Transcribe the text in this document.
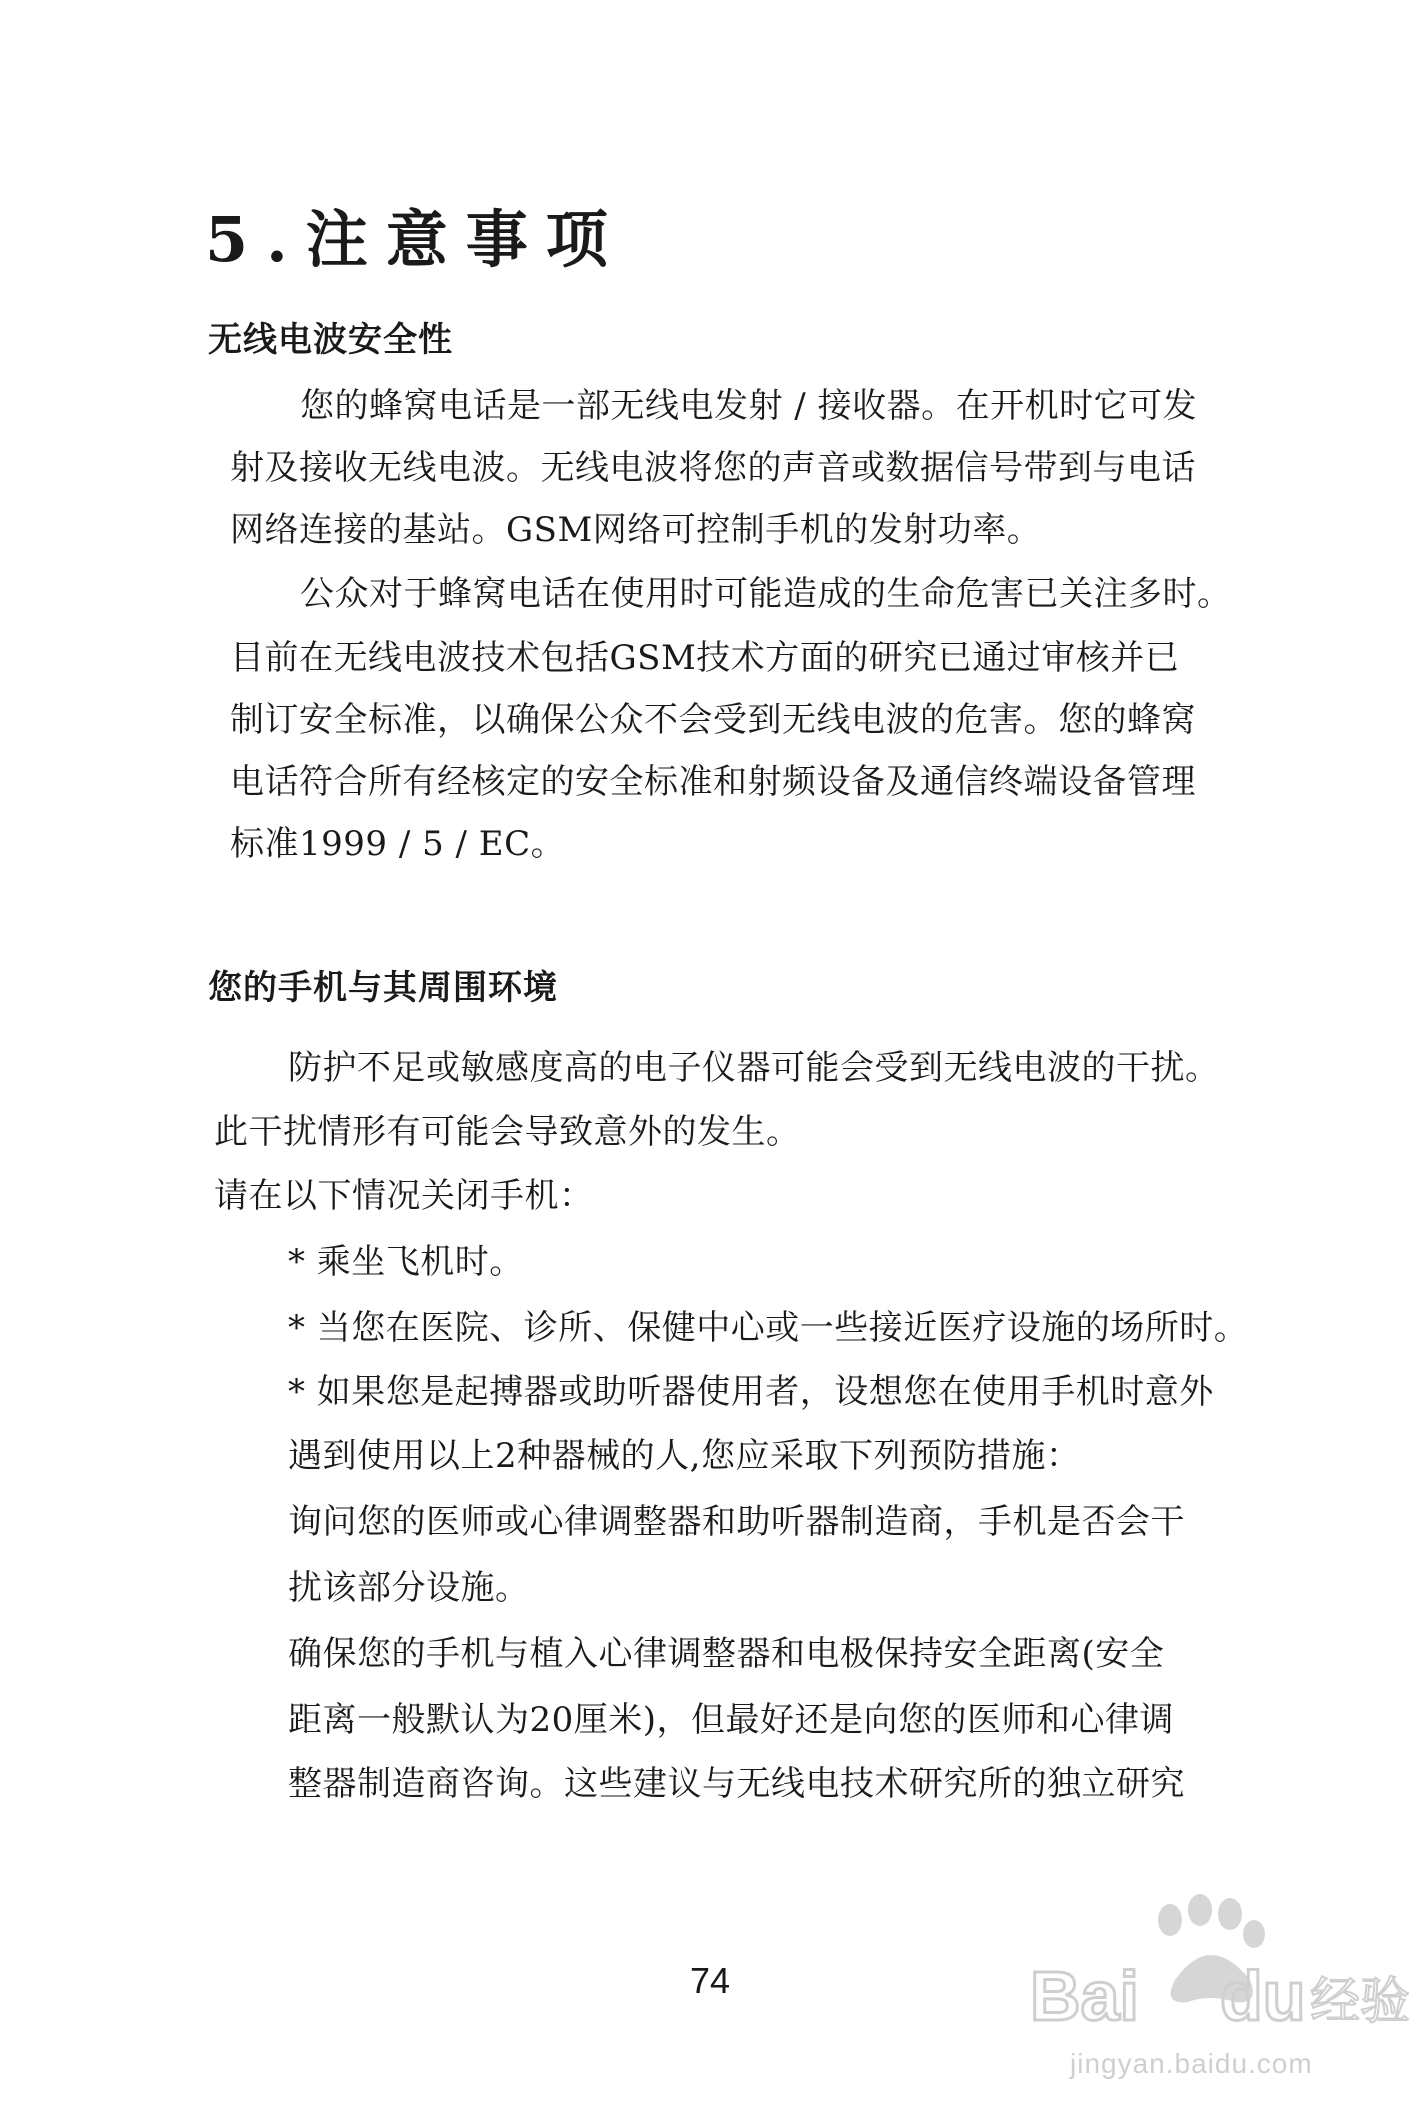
5.注意事项
无线电波安全性
您的蜂窝电话是一部无线电发射 / 接收器。在开机时它可发
射及接收无线电波。无线电波将您的声音或数据信号带到与电话
网络连接的基站。GSM网络可控制手机的发射功率。
公众对于蜂窝电话在使用时可能造成的生命危害已关注多时。
目前在无线电波技术包括GSM技术方面的研究已通过审核并已
制订安全标准，以确保公众不会受到无线电波的危害。您的蜂窝
电话符合所有经核定的安全标准和射频设备及通信终端设备管理
标准1999 / 5 / EC。
您的手机与其周围环境
防护不足或敏感度高的电子仪器可能会受到无线电波的干扰。
此干扰情形有可能会导致意外的发生。
请在以下情况关闭手机：
* 乘坐飞机时。
* 当您在医院、诊所、保健中心或一些接近医疗设施的场所时。
* 如果您是起搏器或助听器使用者，设想您在使用手机时意外
遇到使用以上2种器械的人,您应采取下列预防措施：
询问您的医师或心律调整器和助听器制造商，手机是否会干
扰该部分设施。
确保您的手机与植入心律调整器和电极保持安全距离(安全
距离一般默认为20厘米)，但最好还是向您的医师和心律调
整器制造商咨询。这些建议与无线电技术研究所的独立研究
74	Bai du 经验
jingyan.baidu.com
